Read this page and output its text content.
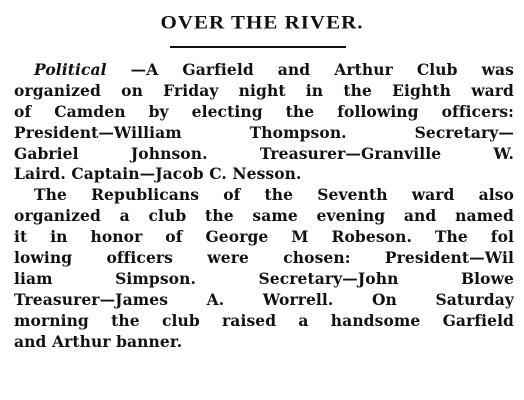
OVER THE RIVER.
Political —A Garfield and Arthur Club was
organized on Friday night in the Eighth ward
of Camden by electing the following officers:
President—William Thompson. Secretary—
Gabriel Johnson. Treasurer—Granville W.
Laird. Captain—Jacob C. Nesson.
The Republicans of the Seventh ward also
organized a club the same evening and named
it in honor of George M Robeson. The fol
lowing officers were chosen: President—Wil
liam Simpson. Secretary—John Blowe
Treasurer—James A. Worrell. On Saturday
morning the club raised a handsome Garfield
and Arthur banner.
